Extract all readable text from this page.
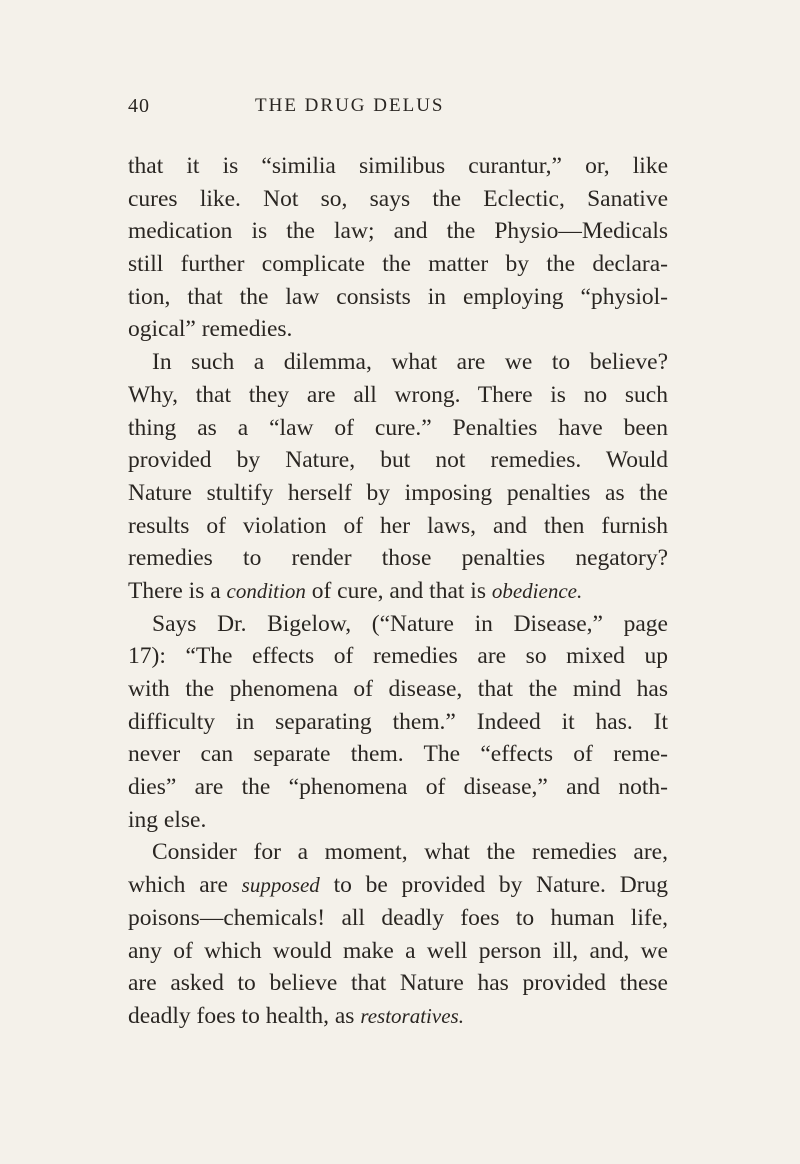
40	THE DRUG DELUS
that it is “similia similibus curantur,” or, like
cures like. Not so, says the Eclectic, Sanative
medication is the law; and the Physio—Medicals
still further complicate the matter by the declara-
tion, that the law consists in employing “physiol-
ogical” remedies.
In such a dilemma, what are we to believe?
Why, that they are all wrong. There is no such
thing as a “law of cure.” Penalties have been
provided by Nature, but not remedies. Would
Nature stultify herself by imposing penalties as the
results of violation of her laws, and then furnish
remedies to render those penalties negatory?
There is a condition of cure, and that is obedience.
Says Dr. Bigelow, (“Nature in Disease,” page
17): “The effects of remedies are so mixed up
with the phenomena of disease, that the mind has
difficulty in separating them.” Indeed it has. It
never can separate them. The “effects of reme-
dies” are the “phenomena of disease,” and noth-
ing else.
Consider for a moment, what the remedies are,
which are supposed to be provided by Nature. Drug
poisons—chemicals! all deadly foes to human life,
any of which would make a well person ill, and, we
are asked to believe that Nature has provided these
deadly foes to health, as restoratives.
